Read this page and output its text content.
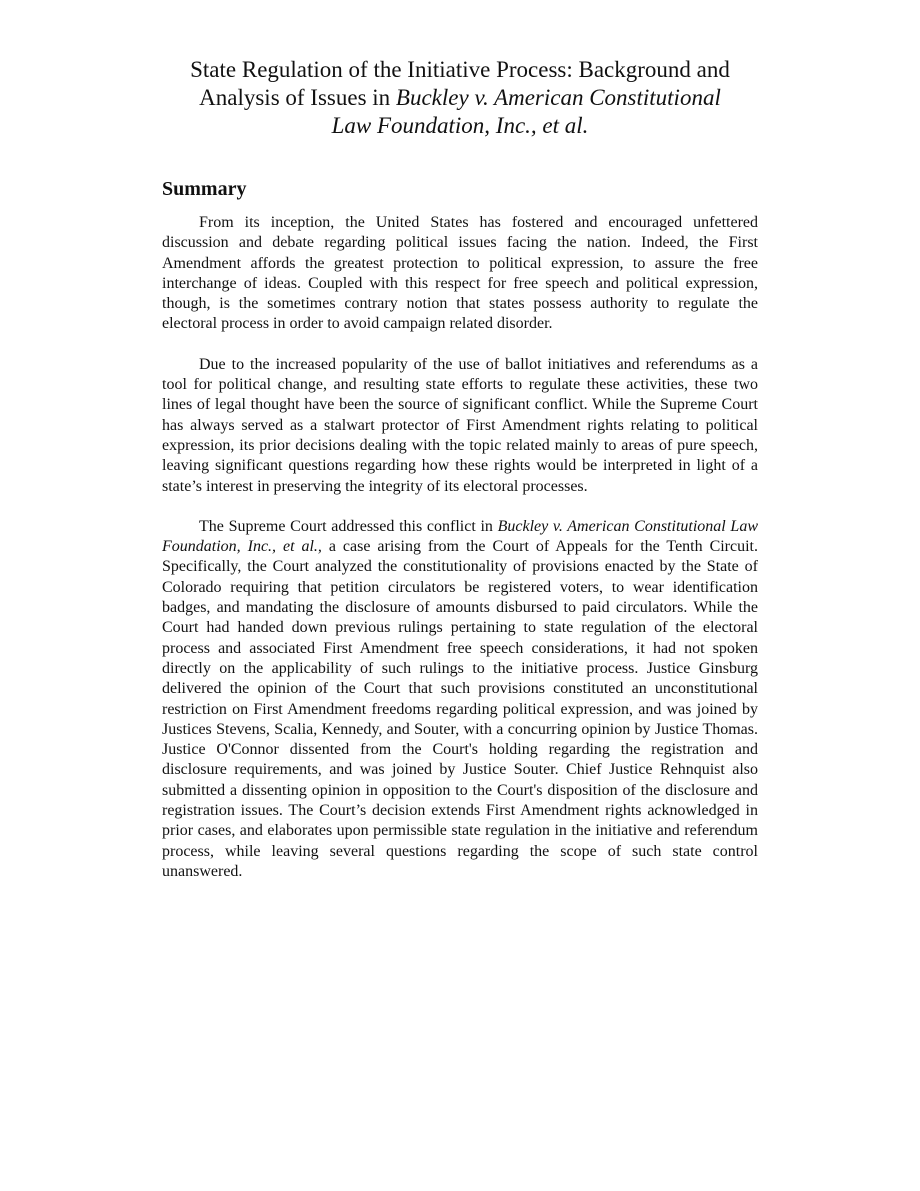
State Regulation of the Initiative Process: Background and
Analysis of Issues in Buckley v. American Constitutional
Law Foundation, Inc., et al.
Summary

From its inception, the United States has fostered and encouraged unfettered discussion and debate regarding political issues facing the nation. Indeed, the First Amendment affords the greatest protection to political expression, to assure the free interchange of ideas. Coupled with this respect for free speech and political expression, though, is the sometimes contrary notion that states possess authority to regulate the electoral process in order to avoid campaign related disorder.

Due to the increased popularity of the use of ballot initiatives and referendums as a tool for political change, and resulting state efforts to regulate these activities, these two lines of legal thought have been the source of significant conflict. While the Supreme Court has always served as a stalwart protector of First Amendment rights relating to political expression, its prior decisions dealing with the topic related mainly to areas of pure speech, leaving significant questions regarding how these rights would be interpreted in light of a state’s interest in preserving the integrity of its electoral processes.

The Supreme Court addressed this conflict in Buckley v. American Constitutional Law Foundation, Inc., et al., a case arising from the Court of Appeals for the Tenth Circuit. Specifically, the Court analyzed the constitutionality of provisions enacted by the State of Colorado requiring that petition circulators be registered voters, to wear identification badges, and mandating the disclosure of amounts disbursed to paid circulators. While the Court had handed down previous rulings pertaining to state regulation of the electoral process and associated First Amendment free speech considerations, it had not spoken directly on the applicability of such rulings to the initiative process. Justice Ginsburg delivered the opinion of the Court that such provisions constituted an unconstitutional restriction on First Amendment freedoms regarding political expression, and was joined by Justices Stevens, Scalia, Kennedy, and Souter, with a concurring opinion by Justice Thomas. Justice O'Connor dissented from the Court's holding regarding the registration and disclosure requirements, and was joined by Justice Souter. Chief Justice Rehnquist also submitted a dissenting opinion in opposition to the Court's disposition of the disclosure and registration issues. The Court’s decision extends First Amendment rights acknowledged in prior cases, and elaborates upon permissible state regulation in the initiative and referendum process, while leaving several questions regarding the scope of such state control unanswered.
